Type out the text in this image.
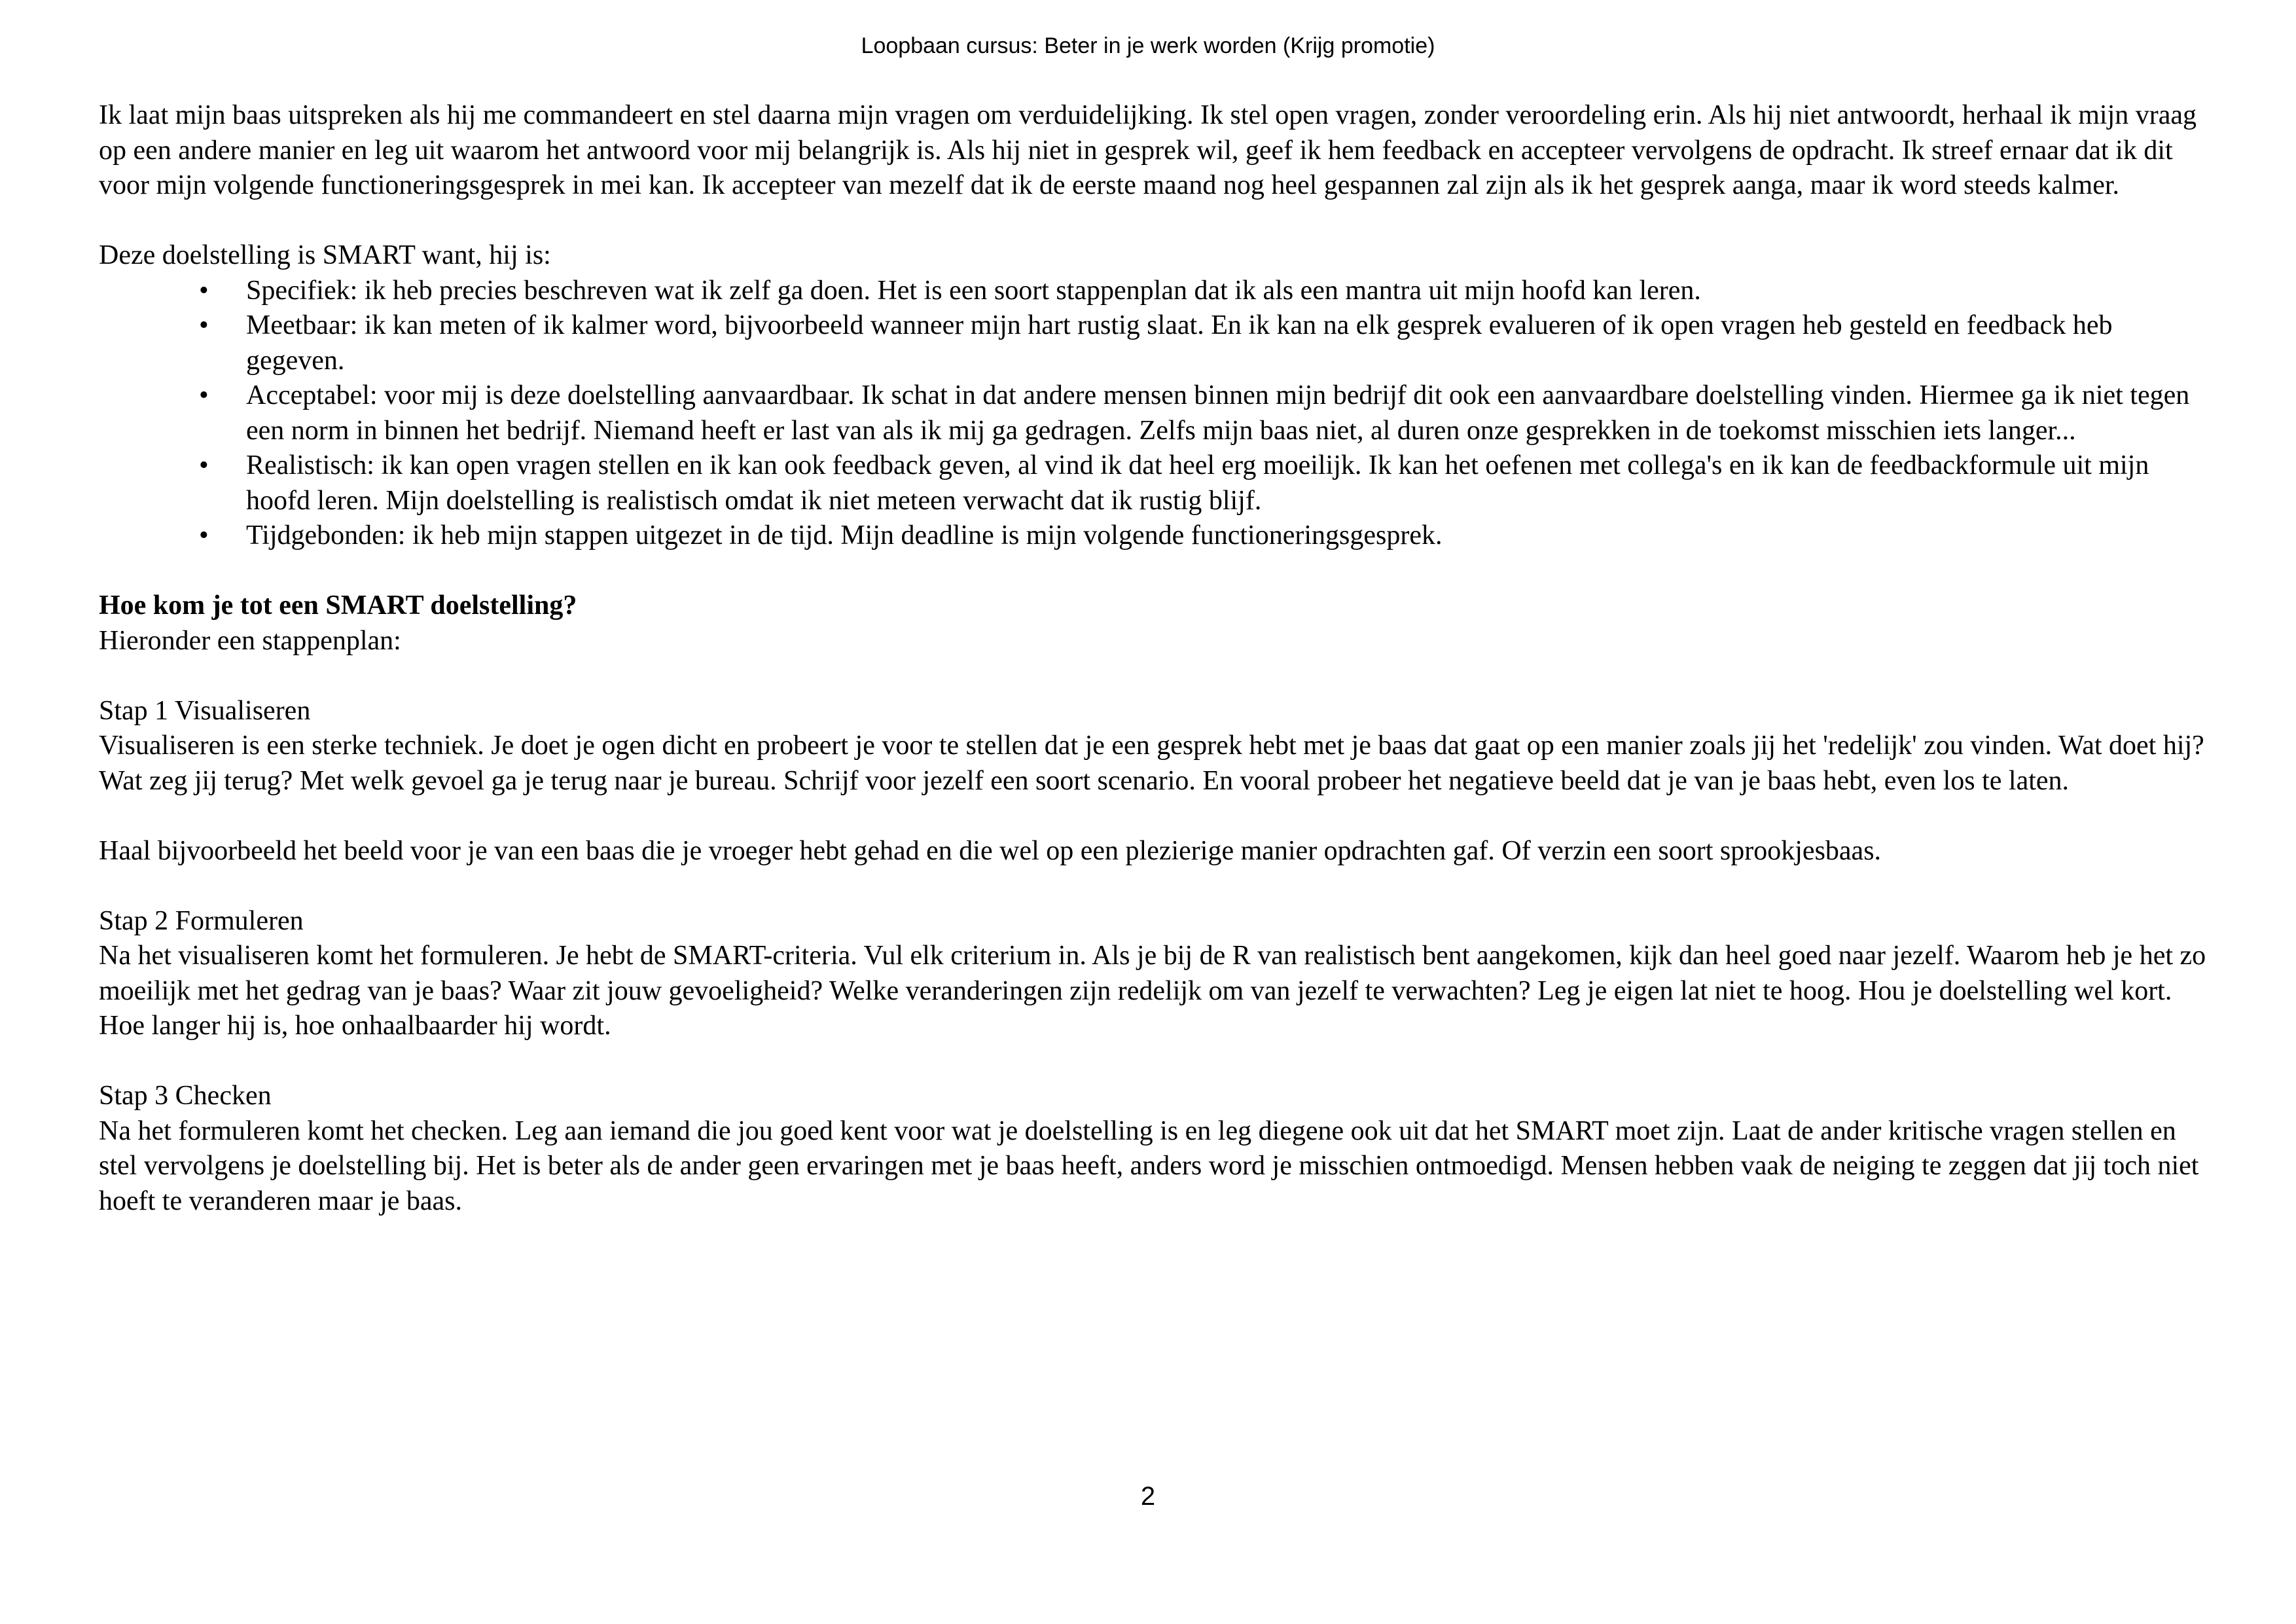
Loopbaan cursus: Beter in je werk worden (Krijg promotie)

Ik laat mijn baas uitspreken als hij me commandeert en stel daarna mijn vragen om verduidelijking. Ik stel open vragen, zonder veroordeling erin. Als hij niet antwoordt, herhaal ik mijn vraag op een andere manier en leg uit waarom het antwoord voor mij belangrijk is. Als hij niet in gesprek wil, geef ik hem feedback en accepteer vervolgens de opdracht. Ik streef ernaar dat ik dit voor mijn volgende functioneringsgesprek in mei kan. Ik accepteer van mezelf dat ik de eerste maand nog heel gespannen zal zijn als ik het gesprek aanga, maar ik word steeds kalmer.

Deze doelstelling is SMART want, hij is:

• Specifiek: ik heb precies beschreven wat ik zelf ga doen. Het is een soort stappenplan dat ik als een mantra uit mijn hoofd kan leren.
• Meetbaar: ik kan meten of ik kalmer word, bijvoorbeeld wanneer mijn hart rustig slaat. En ik kan na elk gesprek evalueren of ik open vragen heb gesteld en feedback heb gegeven.
• Acceptabel: voor mij is deze doelstelling aanvaardbaar. Ik schat in dat andere mensen binnen mijn bedrijf dit ook een aanvaardbare doelstelling vinden. Hiermee ga ik niet tegen een norm in binnen het bedrijf. Niemand heeft er last van als ik mij ga gedragen. Zelfs mijn baas niet, al duren onze gesprekken in de toekomst misschien iets langer...
• Realistisch: ik kan open vragen stellen en ik kan ook feedback geven, al vind ik dat heel erg moeilijk. Ik kan het oefenen met collega's en ik kan de feedbackformule uit mijn hoofd leren. Mijn doelstelling is realistisch omdat ik niet meteen verwacht dat ik rustig blijf.
• Tijdgebonden: ik heb mijn stappen uitgezet in de tijd. Mijn deadline is mijn volgende functioneringsgesprek.

Hoe kom je tot een SMART doelstelling?

Hieronder een stappenplan:

Stap 1 Visualiseren

Visualiseren is een sterke techniek. Je doet je ogen dicht en probeert je voor te stellen dat je een gesprek hebt met je baas dat gaat op een manier zoals jij het 'redelijk' zou vinden. Wat doet hij? Wat zeg jij terug? Met welk gevoel ga je terug naar je bureau. Schrijf voor jezelf een soort scenario. En vooral probeer het negatieve beeld dat je van je baas hebt, even los te laten.

Haal bijvoorbeeld het beeld voor je van een baas die je vroeger hebt gehad en die wel op een plezierige manier opdrachten gaf. Of verzin een soort sprookjesbaas.

Stap 2 Formuleren

Na het visualiseren komt het formuleren. Je hebt de SMART-criteria. Vul elk criterium in. Als je bij de R van realistisch bent aangekomen, kijk dan heel goed naar jezelf. Waarom heb je het zo moeilijk met het gedrag van je baas? Waar zit jouw gevoeligheid? Welke veranderingen zijn redelijk om van jezelf te verwachten? Leg je eigen lat niet te hoog. Hou je doelstelling wel kort. Hoe langer hij is, hoe onhaalbaarder hij wordt.

Stap 3 Checken

Na het formuleren komt het checken. Leg aan iemand die jou goed kent voor wat je doelstelling is en leg diegene ook uit dat het SMART moet zijn. Laat de ander kritische vragen stellen en stel vervolgens je doelstelling bij. Het is beter als de ander geen ervaringen met je baas heeft, anders word je misschien ontmoedigd. Mensen hebben vaak de neiging te zeggen dat jij toch niet hoeft te veranderen maar je baas.

2
